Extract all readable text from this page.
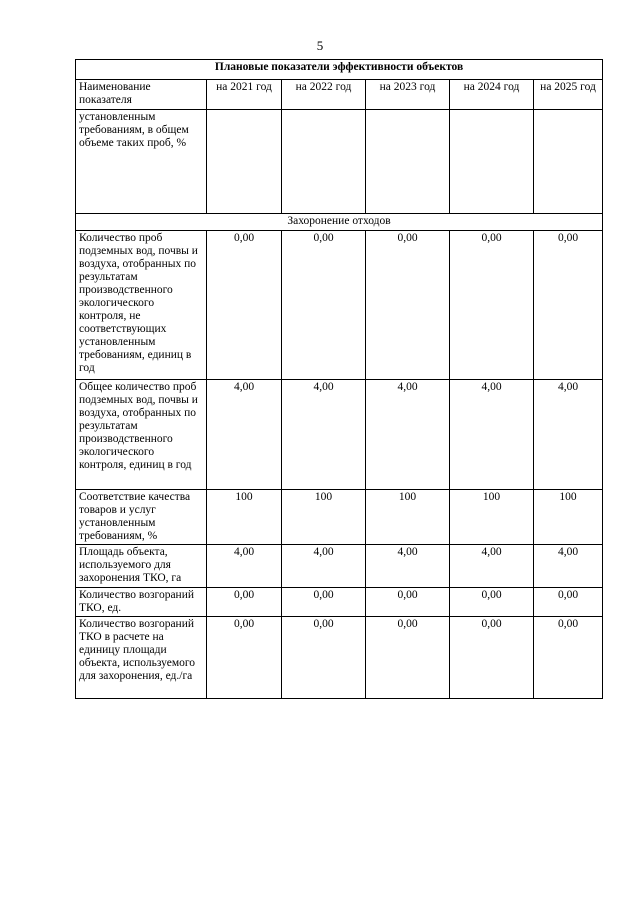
5
Плановые показатели эффективности объектов					
Наименование показателя	на 2021 год	на 2022 год	на 2023 год	на 2024 год	на 2025 год
установленным требованиям, в общем объеме таких проб, %					
Захоронение отходов					
Количество проб подземных вод, почвы и воздуха, отобранных по результатам производственного экологического контроля, не соответствующих установленным требованиям, единиц в год	0,00	0,00	0,00	0,00	0,00
Общее количество проб подземных вод, почвы и воздуха, отобранных по результатам производственного экологического контроля, единиц в год	4,00	4,00	4,00	4,00	4,00
Соответствие качества товаров и услуг установленным требованиям, %	100	100	100	100	100
Площадь объекта, используемого для захоронения ТКО, га	4,00	4,00	4,00	4,00	4,00
Количество возгораний ТКО, ед.	0,00	0,00	0,00	0,00	0,00
Количество возгораний ТКО в расчете на единицу площади объекта, используемого для захоронения, ед./га	0,00	0,00	0,00	0,00	0,00
